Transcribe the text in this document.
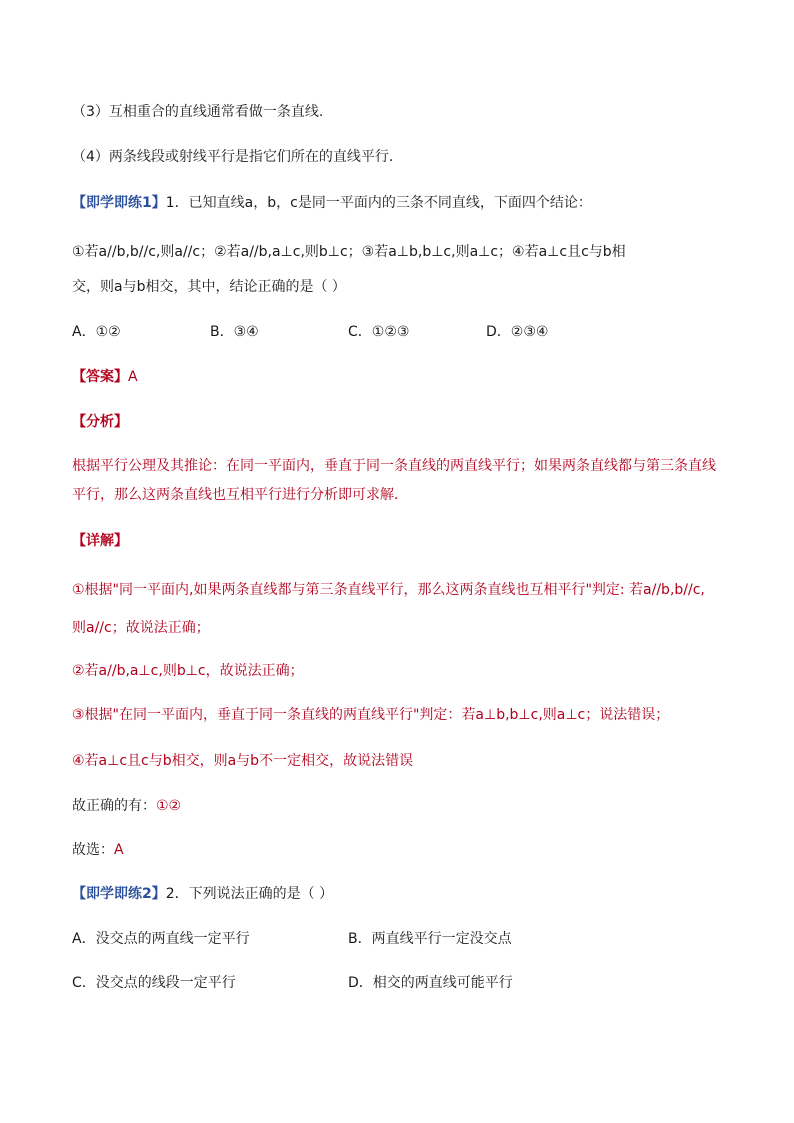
（3）互相重合的直线通常看做一条直线.
（4）两条线段或射线平行是指它们所在的直线平行.
【即学即练1】1．已知直线a，b，c是同一平面内的三条不同直线，下面四个结论：
①若a//b,b//c,则a//c；②若a//b,a⊥c,则b⊥c；③若a⊥b,b⊥c,则a⊥c；④若a⊥c且c与b相
交，则a与b相交，其中，结论正确的是（ ）
A．①②	B．③④	C．①②③	D．②③④
【答案】A
【分析】
根据平行公理及其推论：在同一平面内，垂直于同一条直线的两直线平行；如果两条直线都与第三条直线
平行，那么这两条直线也互相平行进行分析即可求解．
【详解】
①根据"同一平面内,如果两条直线都与第三条直线平行，那么这两条直线也互相平行"判定: 若a//b,b//c,
则a//c；故说法正确；
②若a//b,a⊥c,则b⊥c，故说法正确；
③根据"在同一平面内，垂直于同一条直线的两直线平行"判定：若a⊥b,b⊥c,则a⊥c；说法错误；
④若a⊥c且c与b相交，则a与b不一定相交，故说法错误
故正确的有：①②
故选：A
【即学即练2】2．下列说法正确的是（ ）
A．没交点的两直线一定平行	B．两直线平行一定没交点
C．没交点的线段一定平行	D．相交的两直线可能平行
